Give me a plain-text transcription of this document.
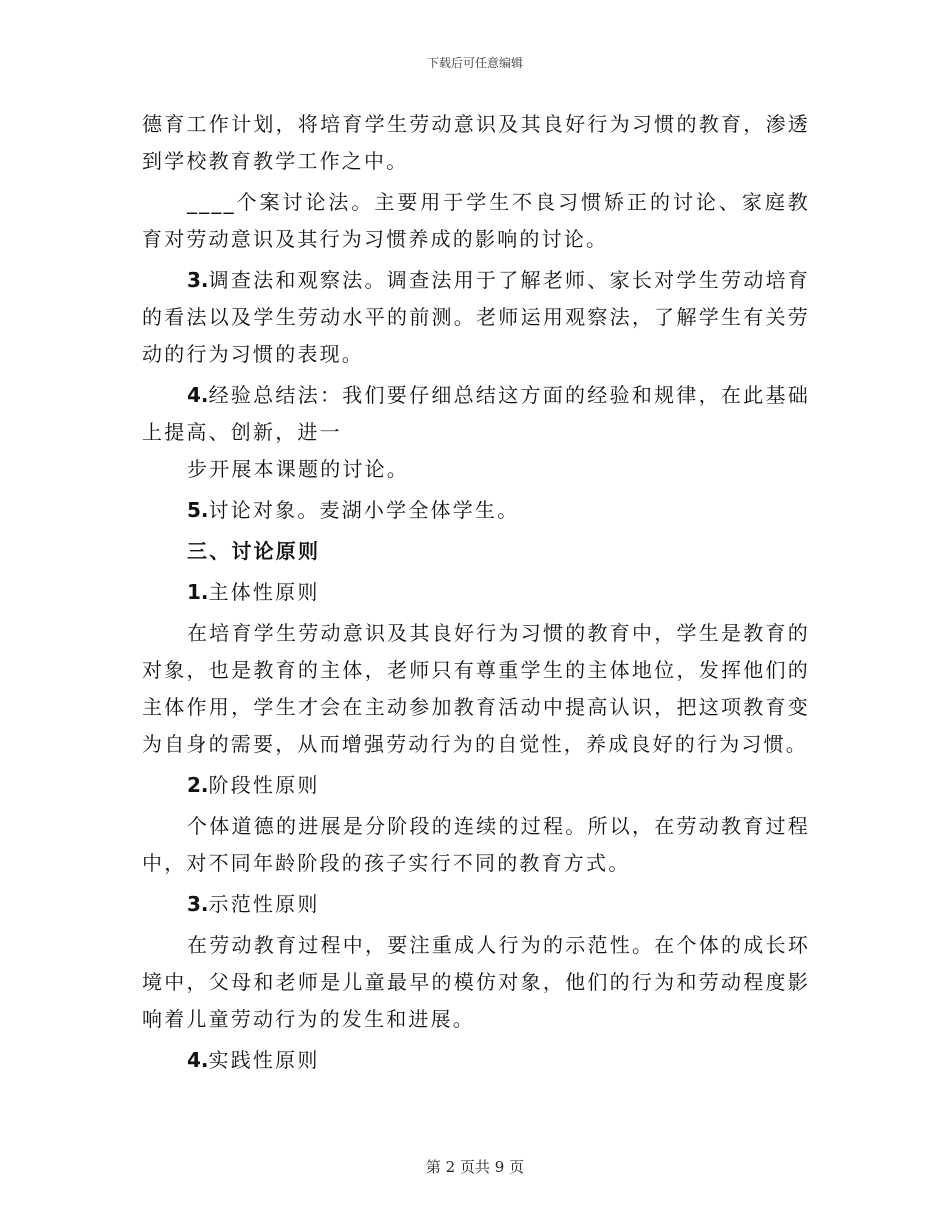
下载后可任意编辑

德育工作计划，将培育学生劳动意识及其良好行为习惯的教育，渗透到学校教育教学工作之中。

____个案讨论法。主要用于学生不良习惯矫正的讨论、家庭教育对劳动意识及其行为习惯养成的影响的讨论。

3.调查法和观察法。调查法用于了解老师、家长对学生劳动培育的看法以及学生劳动水平的前测。老师运用观察法，了解学生有关劳动的行为习惯的表现。

4.经验总结法：我们要仔细总结这方面的经验和规律，在此基础上提高、创新，进一

步开展本课题的讨论。

5.讨论对象。麦湖小学全体学生。

三、讨论原则

1.主体性原则

在培育学生劳动意识及其良好行为习惯的教育中，学生是教育的对象，也是教育的主体，老师只有尊重学生的主体地位，发挥他们的主体作用，学生才会在主动参加教育活动中提高认识，把这项教育变为自身的需要，从而增强劳动行为的自觉性，养成良好的行为习惯。

2.阶段性原则

个体道德的进展是分阶段的连续的过程。所以，在劳动教育过程中，对不同年龄阶段的孩子实行不同的教育方式。

3.示范性原则

在劳动教育过程中，要注重成人行为的示范性。在个体的成长环境中，父母和老师是儿童最早的模仿对象，他们的行为和劳动程度影响着儿童劳动行为的发生和进展。

4.实践性原则

第 2 页共 9 页
